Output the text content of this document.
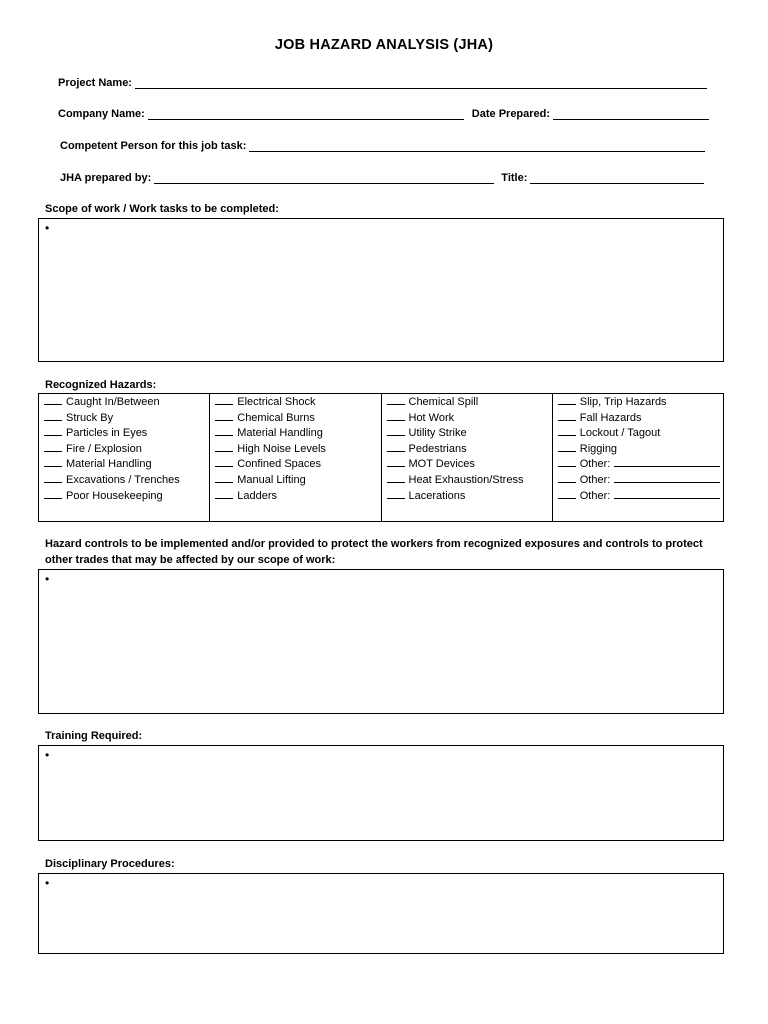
JOB HAZARD ANALYSIS (JHA)
Project Name:
Company Name:	Date Prepared:
Competent Person for this job task:
JHA prepared by:	Title:
Scope of work / Work tasks to be completed:
•
Recognized Hazards:
Caught In/Between
Struck By
Particles in Eyes
Fire / Explosion
Material Handling
Excavations / Trenches
Poor Housekeeping
Electrical Shock
Chemical Burns
Material Handling
High Noise Levels
Confined Spaces
Manual Lifting
Ladders
Chemical Spill
Hot Work
Utility Strike
Pedestrians
MOT Devices
Heat Exhaustion/Stress
Lacerations
Slip, Trip Hazards
Fall Hazards
Lockout / Tagout
Rigging
Other:
Other:
Other:
Hazard controls to be implemented and/or provided to protect the workers from recognized exposures and controls to protect
other trades that may be affected by our scope of work:
•
Training Required:
•
Disciplinary Procedures:
•
